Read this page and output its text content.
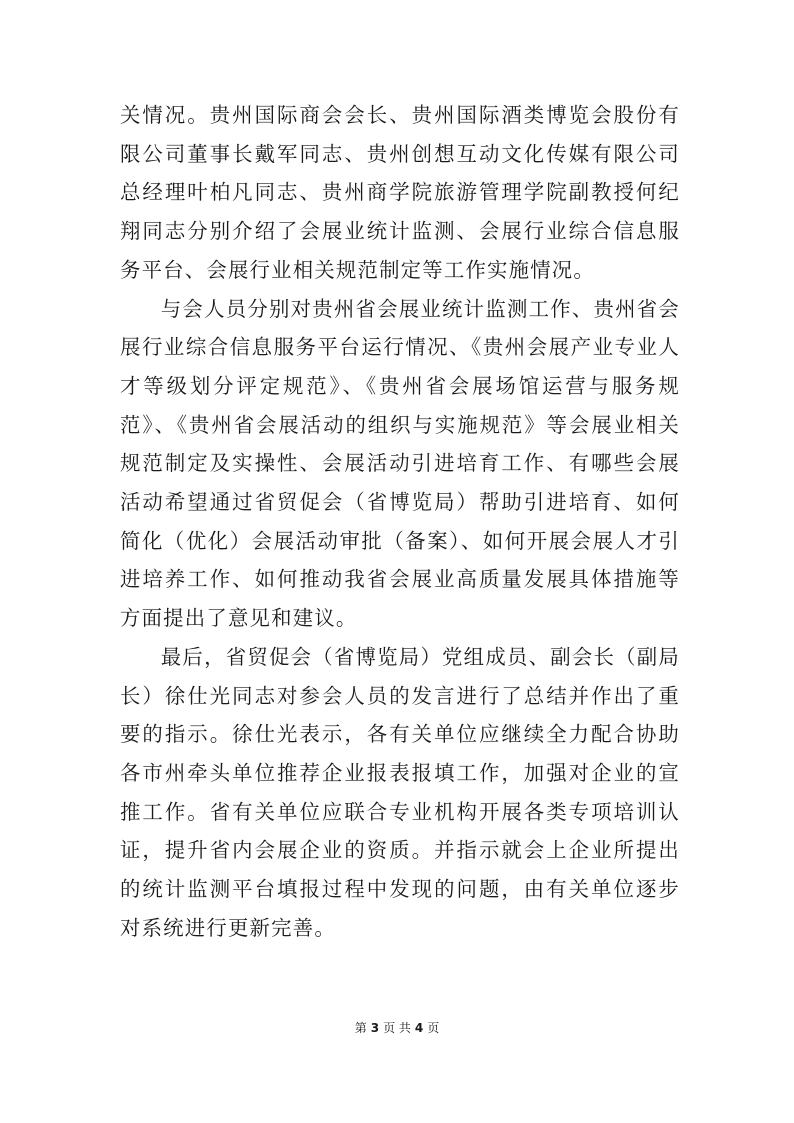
关情况。贵州国际商会会长、贵州国际酒类博览会股份有限公司董事长戴军同志、贵州创想互动文化传媒有限公司总经理叶柏凡同志、贵州商学院旅游管理学院副教授何纪翔同志分别介绍了会展业统计监测、会展行业综合信息服务平台、会展行业相关规范制定等工作实施情况。

与会人员分别对贵州省会展业统计监测工作、贵州省会展行业综合信息服务平台运行情况、《贵州会展产业专业人才等级划分评定规范》、《贵州省会展场馆运营与服务规范》、《贵州省会展活动的组织与实施规范》等会展业相关规范制定及实操性、会展活动引进培育工作、有哪些会展活动希望通过省贸促会（省博览局）帮助引进培育、如何简化（优化）会展活动审批（备案）、如何开展会展人才引进培养工作、如何推动我省会展业高质量发展具体措施等方面提出了意见和建议。

最后，省贸促会（省博览局）党组成员、副会长（副局长）徐仕光同志对参会人员的发言进行了总结并作出了重要的指示。徐仕光表示，各有关单位应继续全力配合协助各市州牵头单位推荐企业报表报填工作，加强对企业的宣推工作。省有关单位应联合专业机构开展各类专项培训认证，提升省内会展企业的资质。并指示就会上企业所提出的统计监测平台填报过程中发现的问题，由有关单位逐步对系统进行更新完善。

第 3 页 共 4 页
